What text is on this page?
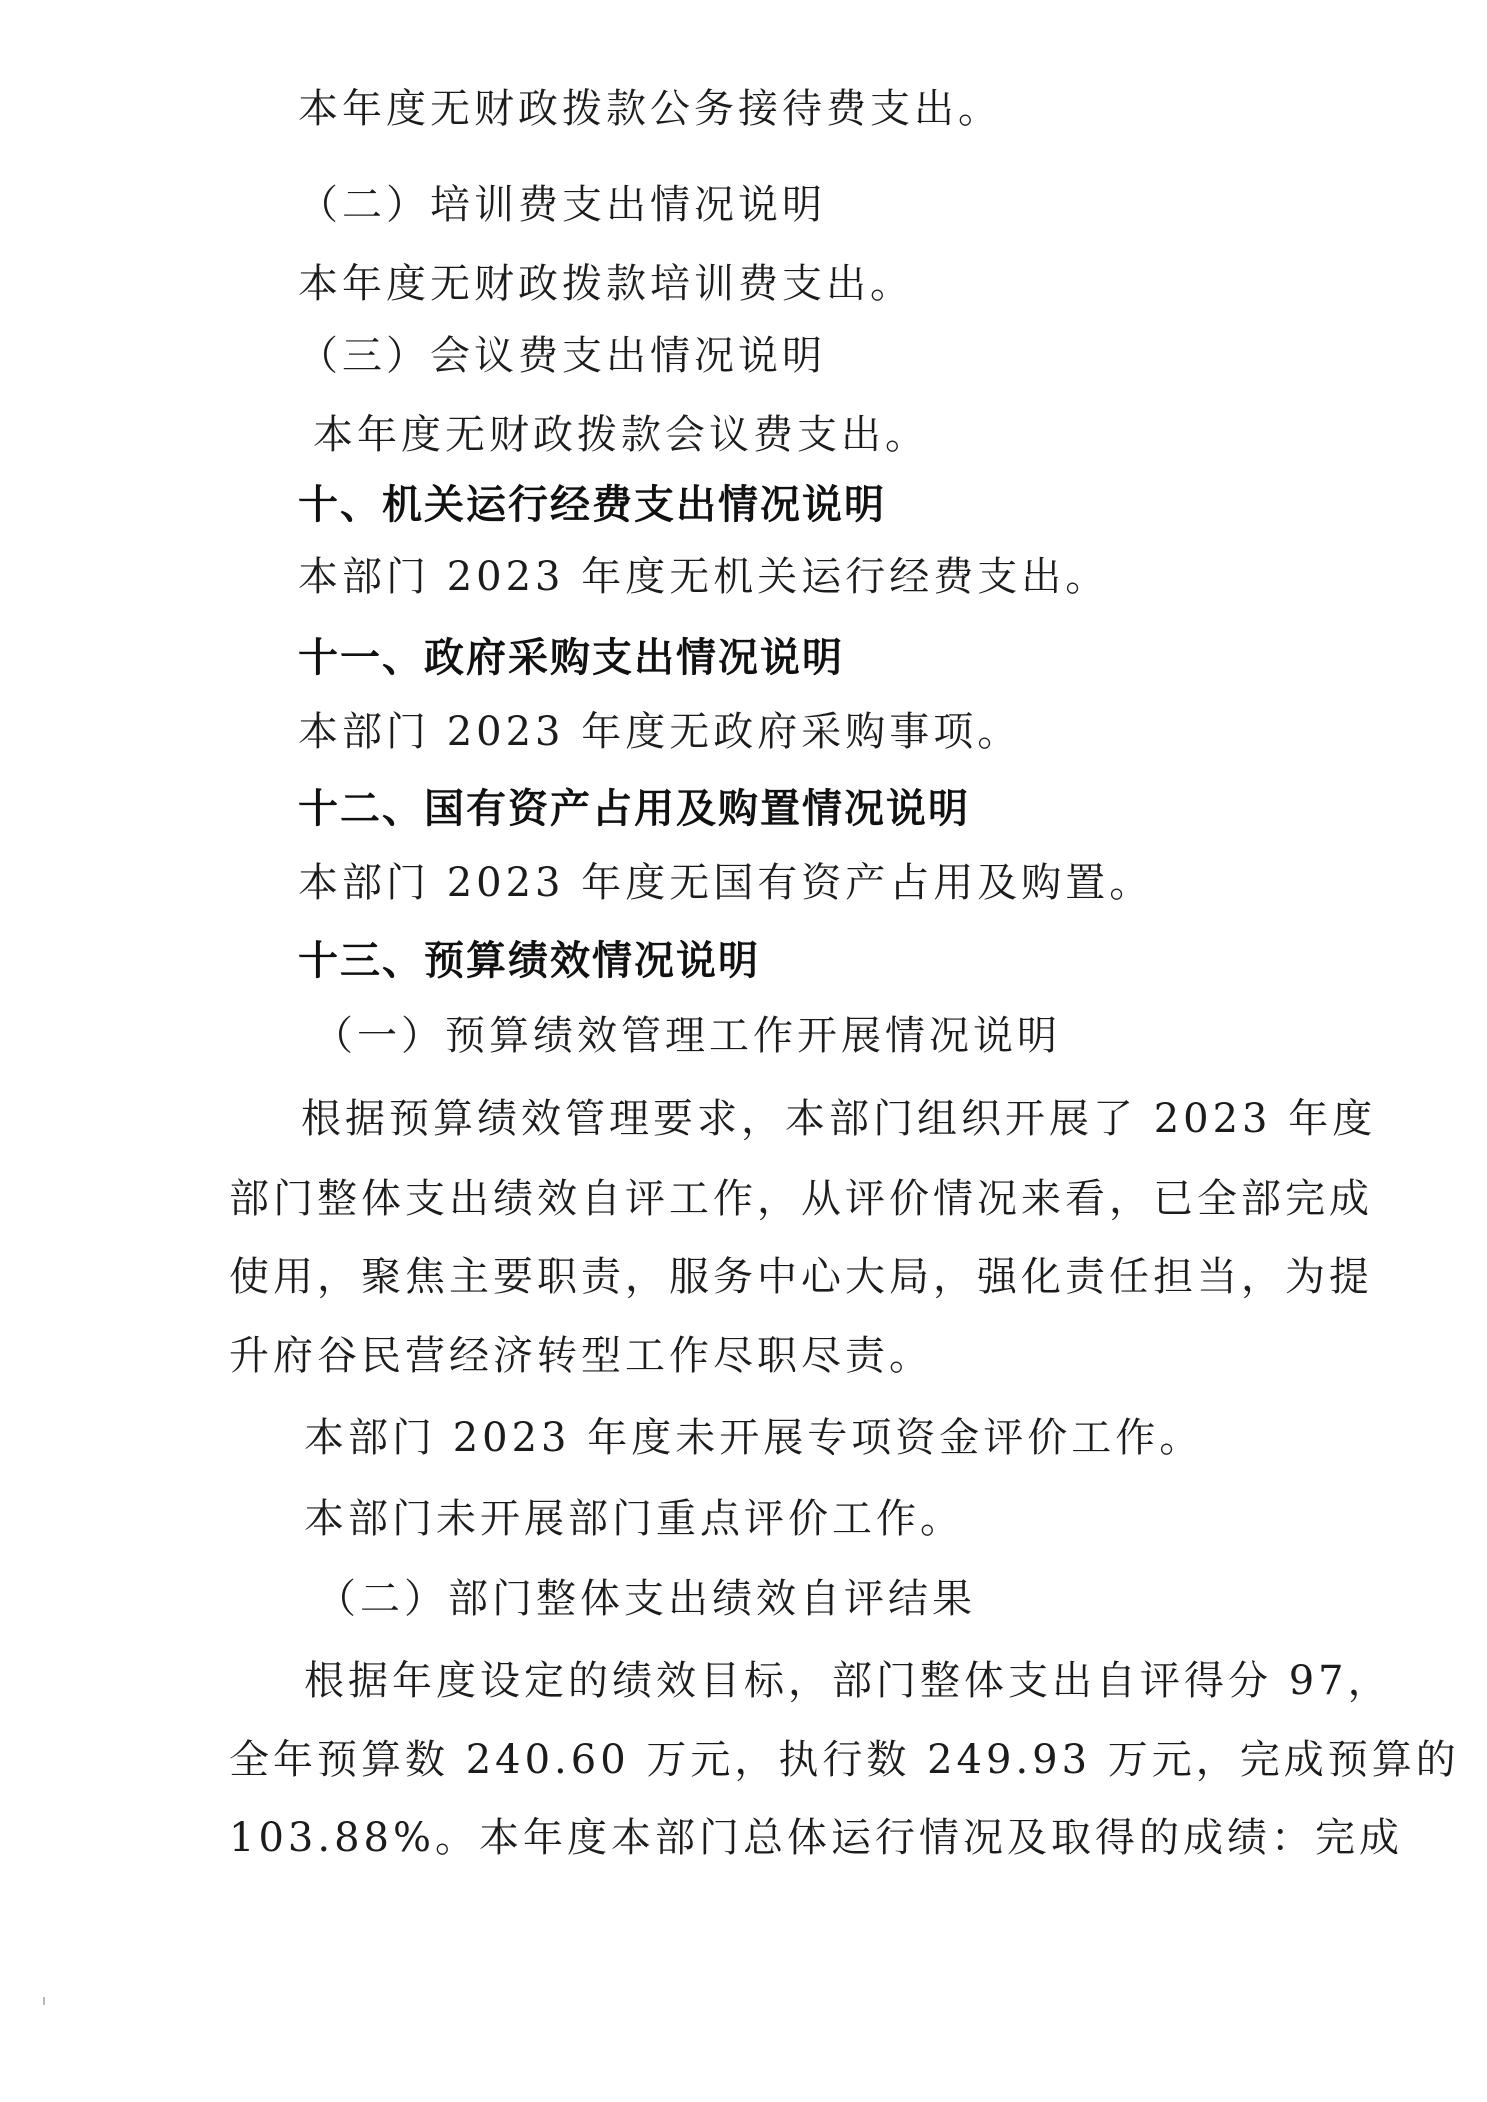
本年度无财政拨款公务接待费支出。
（二）培训费支出情况说明
本年度无财政拨款培训费支出。
（三）会议费支出情况说明
本年度无财政拨款会议费支出。
十、机关运行经费支出情况说明
本部门 2023 年度无机关运行经费支出。
十一、政府采购支出情况说明
本部门 2023 年度无政府采购事项。
十二、国有资产占用及购置情况说明
本部门 2023 年度无国有资产占用及购置。
十三、预算绩效情况说明
（一）预算绩效管理工作开展情况说明
根据预算绩效管理要求，本部门组织开展了 2023 年度
部门整体支出绩效自评工作，从评价情况来看，已全部完成
使用，聚焦主要职责，服务中心大局，强化责任担当，为提
升府谷民营经济转型工作尽职尽责。
本部门 2023 年度未开展专项资金评价工作。
本部门未开展部门重点评价工作。
（二）部门整体支出绩效自评结果
根据年度设定的绩效目标，部门整体支出自评得分 97，
全年预算数 240.60 万元，执行数 249.93 万元，完成预算的
103.88%。本年度本部门总体运行情况及取得的成绩：完成
